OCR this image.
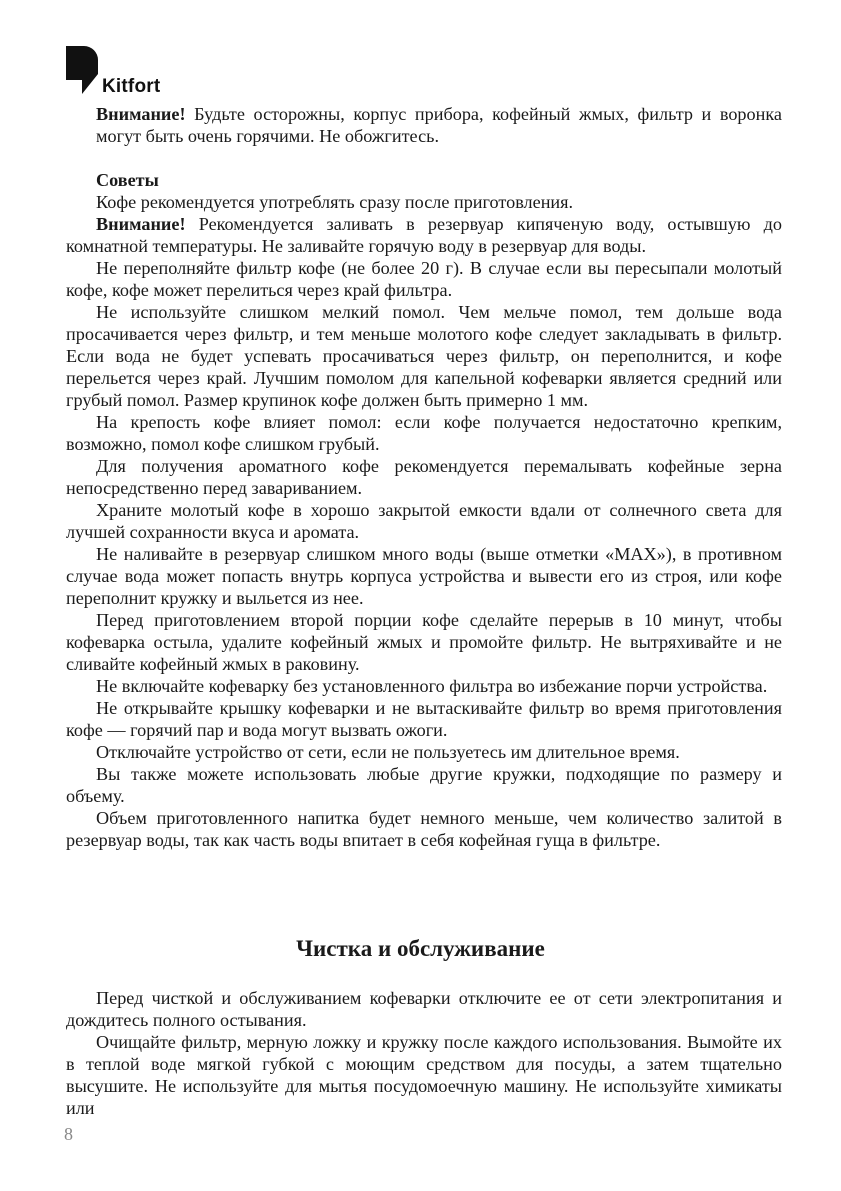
Kitfort

Внимание! Будьте осторожны, корпус прибора, кофейный жмых, фильтр и воронка могут быть очень горячими. Не обожгитесь.

Советы

Кофе рекомендуется употреблять сразу после приготовления.

Внимание! Рекомендуется заливать в резервуар кипяченую воду, остывшую до комнатной температуры. Не заливайте горячую воду в резервуар для воды.

Не переполняйте фильтр кофе (не более 20 г). В случае если вы пересыпали молотый кофе, кофе может перелиться через край фильтра.

Не используйте слишком мелкий помол. Чем мельче помол, тем дольше вода просачивается через фильтр, и тем меньше молотого кофе следует закладывать в фильтр. Если вода не будет успевать просачиваться через фильтр, он переполнится, и кофе перельется через край. Лучшим помолом для капельной кофеварки является средний или грубый помол. Размер крупинок кофе должен быть примерно 1 мм.

На крепость кофе влияет помол: если кофе получается недостаточно крепким, возможно, помол кофе слишком грубый.

Для получения ароматного кофе рекомендуется перемалывать кофейные зерна непосредственно перед завариванием.

Храните молотый кофе в хорошо закрытой емкости вдали от солнечного света для лучшей сохранности вкуса и аромата.

Не наливайте в резервуар слишком много воды (выше отметки «MAX»), в противном случае вода может попасть внутрь корпуса устройства и вывести его из строя, или кофе переполнит кружку и выльется из нее.

Перед приготовлением второй порции кофе сделайте перерыв в 10 минут, чтобы кофеварка остыла, удалите кофейный жмых и промойте фильтр. Не вытряхивайте и не сливайте кофейный жмых в раковину.

Не включайте кофеварку без установленного фильтра во избежание порчи устройства.

Не открывайте крышку кофеварки и не вытаскивайте фильтр во время приготовления кофе — горячий пар и вода могут вызвать ожоги.

Отключайте устройство от сети, если не пользуетесь им длительное время.

Вы также можете использовать любые другие кружки, подходящие по размеру и объему.

Объем приготовленного напитка будет немного меньше, чем количество залитой в резервуар воды, так как часть воды впитает в себя кофейная гуща в фильтре.

Чистка и обслуживание

Перед чисткой и обслуживанием кофеварки отключите ее от сети электропитания и дождитесь полного остывания.

Очищайте фильтр, мерную ложку и кружку после каждого использования. Вымойте их в теплой воде мягкой губкой с моющим средством для посуды, а затем тщательно высушите. Не используйте для мытья посудомоечную машину. Не используйте химикаты или

8
